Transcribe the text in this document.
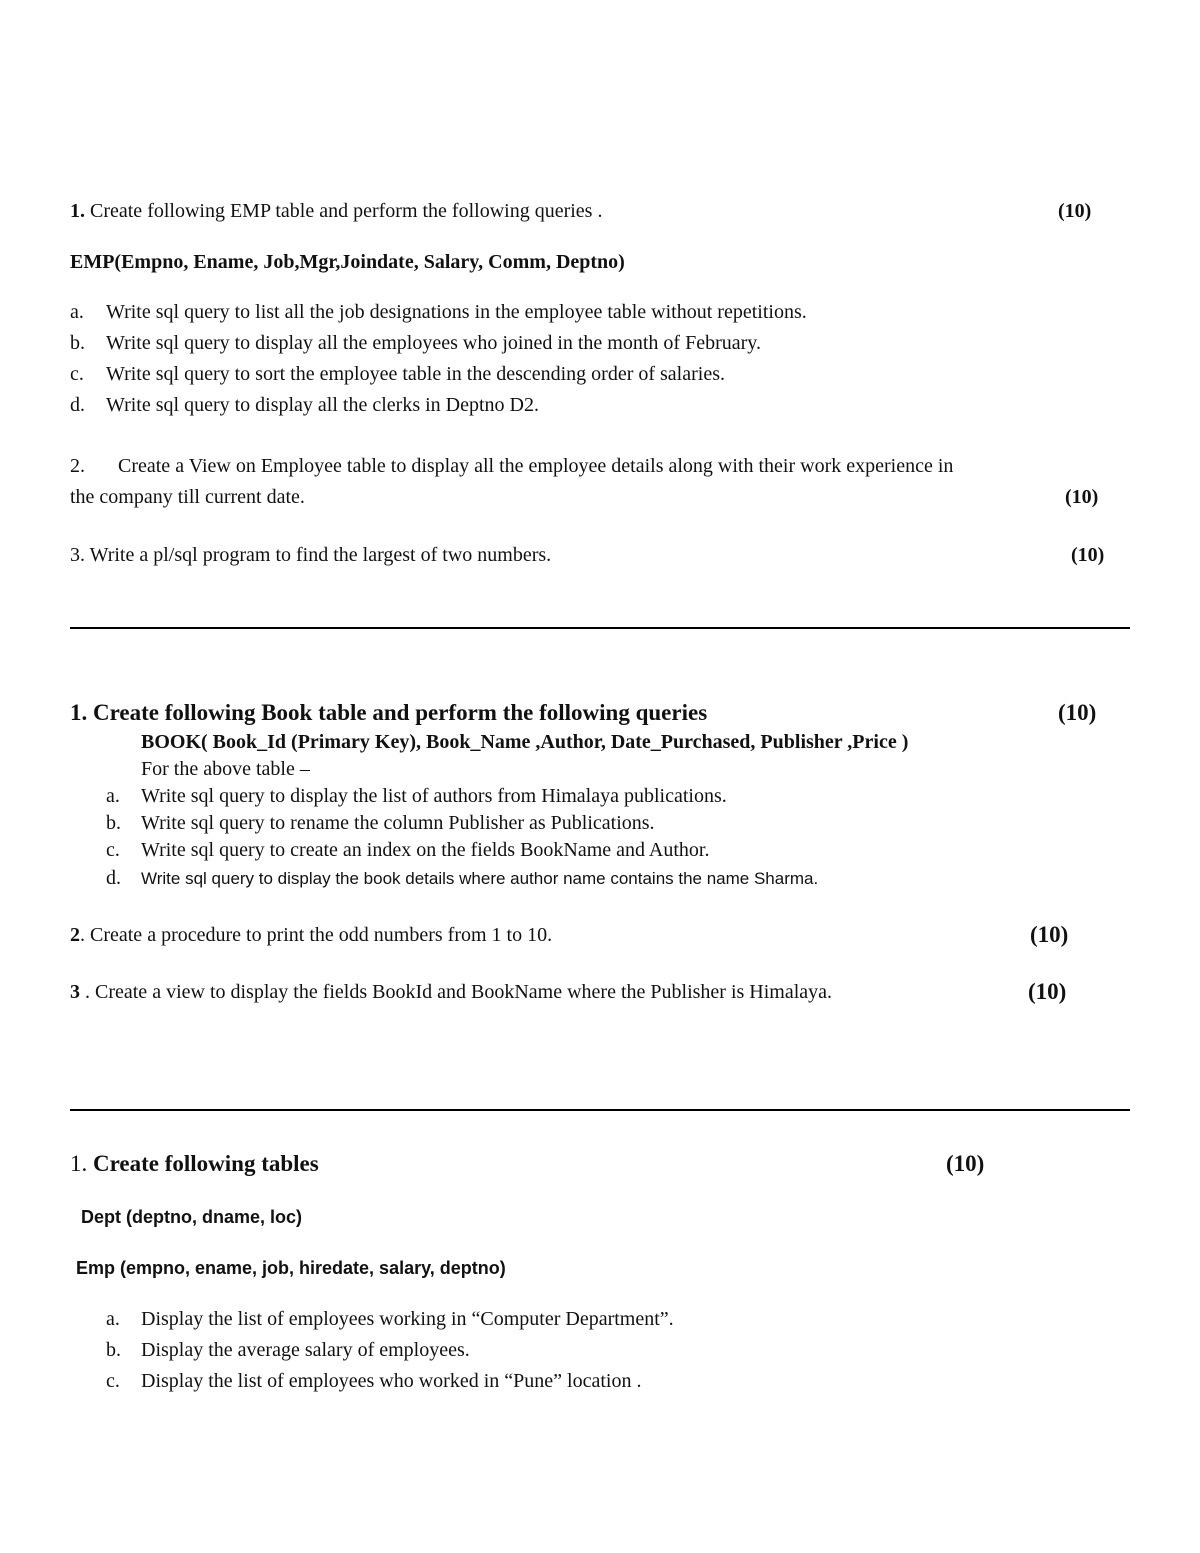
1. Create following EMP table and perform the following queries .	(10)
EMP(Empno, Ename, Job,Mgr,Joindate, Salary, Comm, Deptno)
a. Write sql query to list all the job designations in the employee table without repetitions.
b. Write sql query to display all the employees who joined in the month of February.
c. Write sql query to sort the employee table in the descending order of salaries.
d. Write sql query to display all the clerks in Deptno D2.
2. Create a View on Employee table to display all the employee details along with their work experience in
the company till current date.	(10)
3. Write a pl/sql program to find the largest of two numbers.	(10)
1. Create following Book table and perform the following queries	(10)
BOOK( Book_Id (Primary Key), Book_Name ,Author, Date_Purchased, Publisher ,Price )
For the above table –
a. Write sql query to display the list of authors from Himalaya publications.
b. Write sql query to rename the column Publisher as Publications.
c. Write sql query to create an index on the fields BookName and Author.
d. Write sql query to display the book details where author name contains the name Sharma.
2. Create a procedure to print the odd numbers from 1 to 10.	(10)
3 . Create a view to display the fields BookId and BookName where the Publisher is Himalaya.	(10)
1. Create following tables	(10)
Dept (deptno, dname, loc)
Emp (empno, ename, job, hiredate, salary, deptno)
a. Display the list of employees working in “Computer Department”.
b. Display the average salary of employees.
c. Display the list of employees who worked in “Pune” location .
